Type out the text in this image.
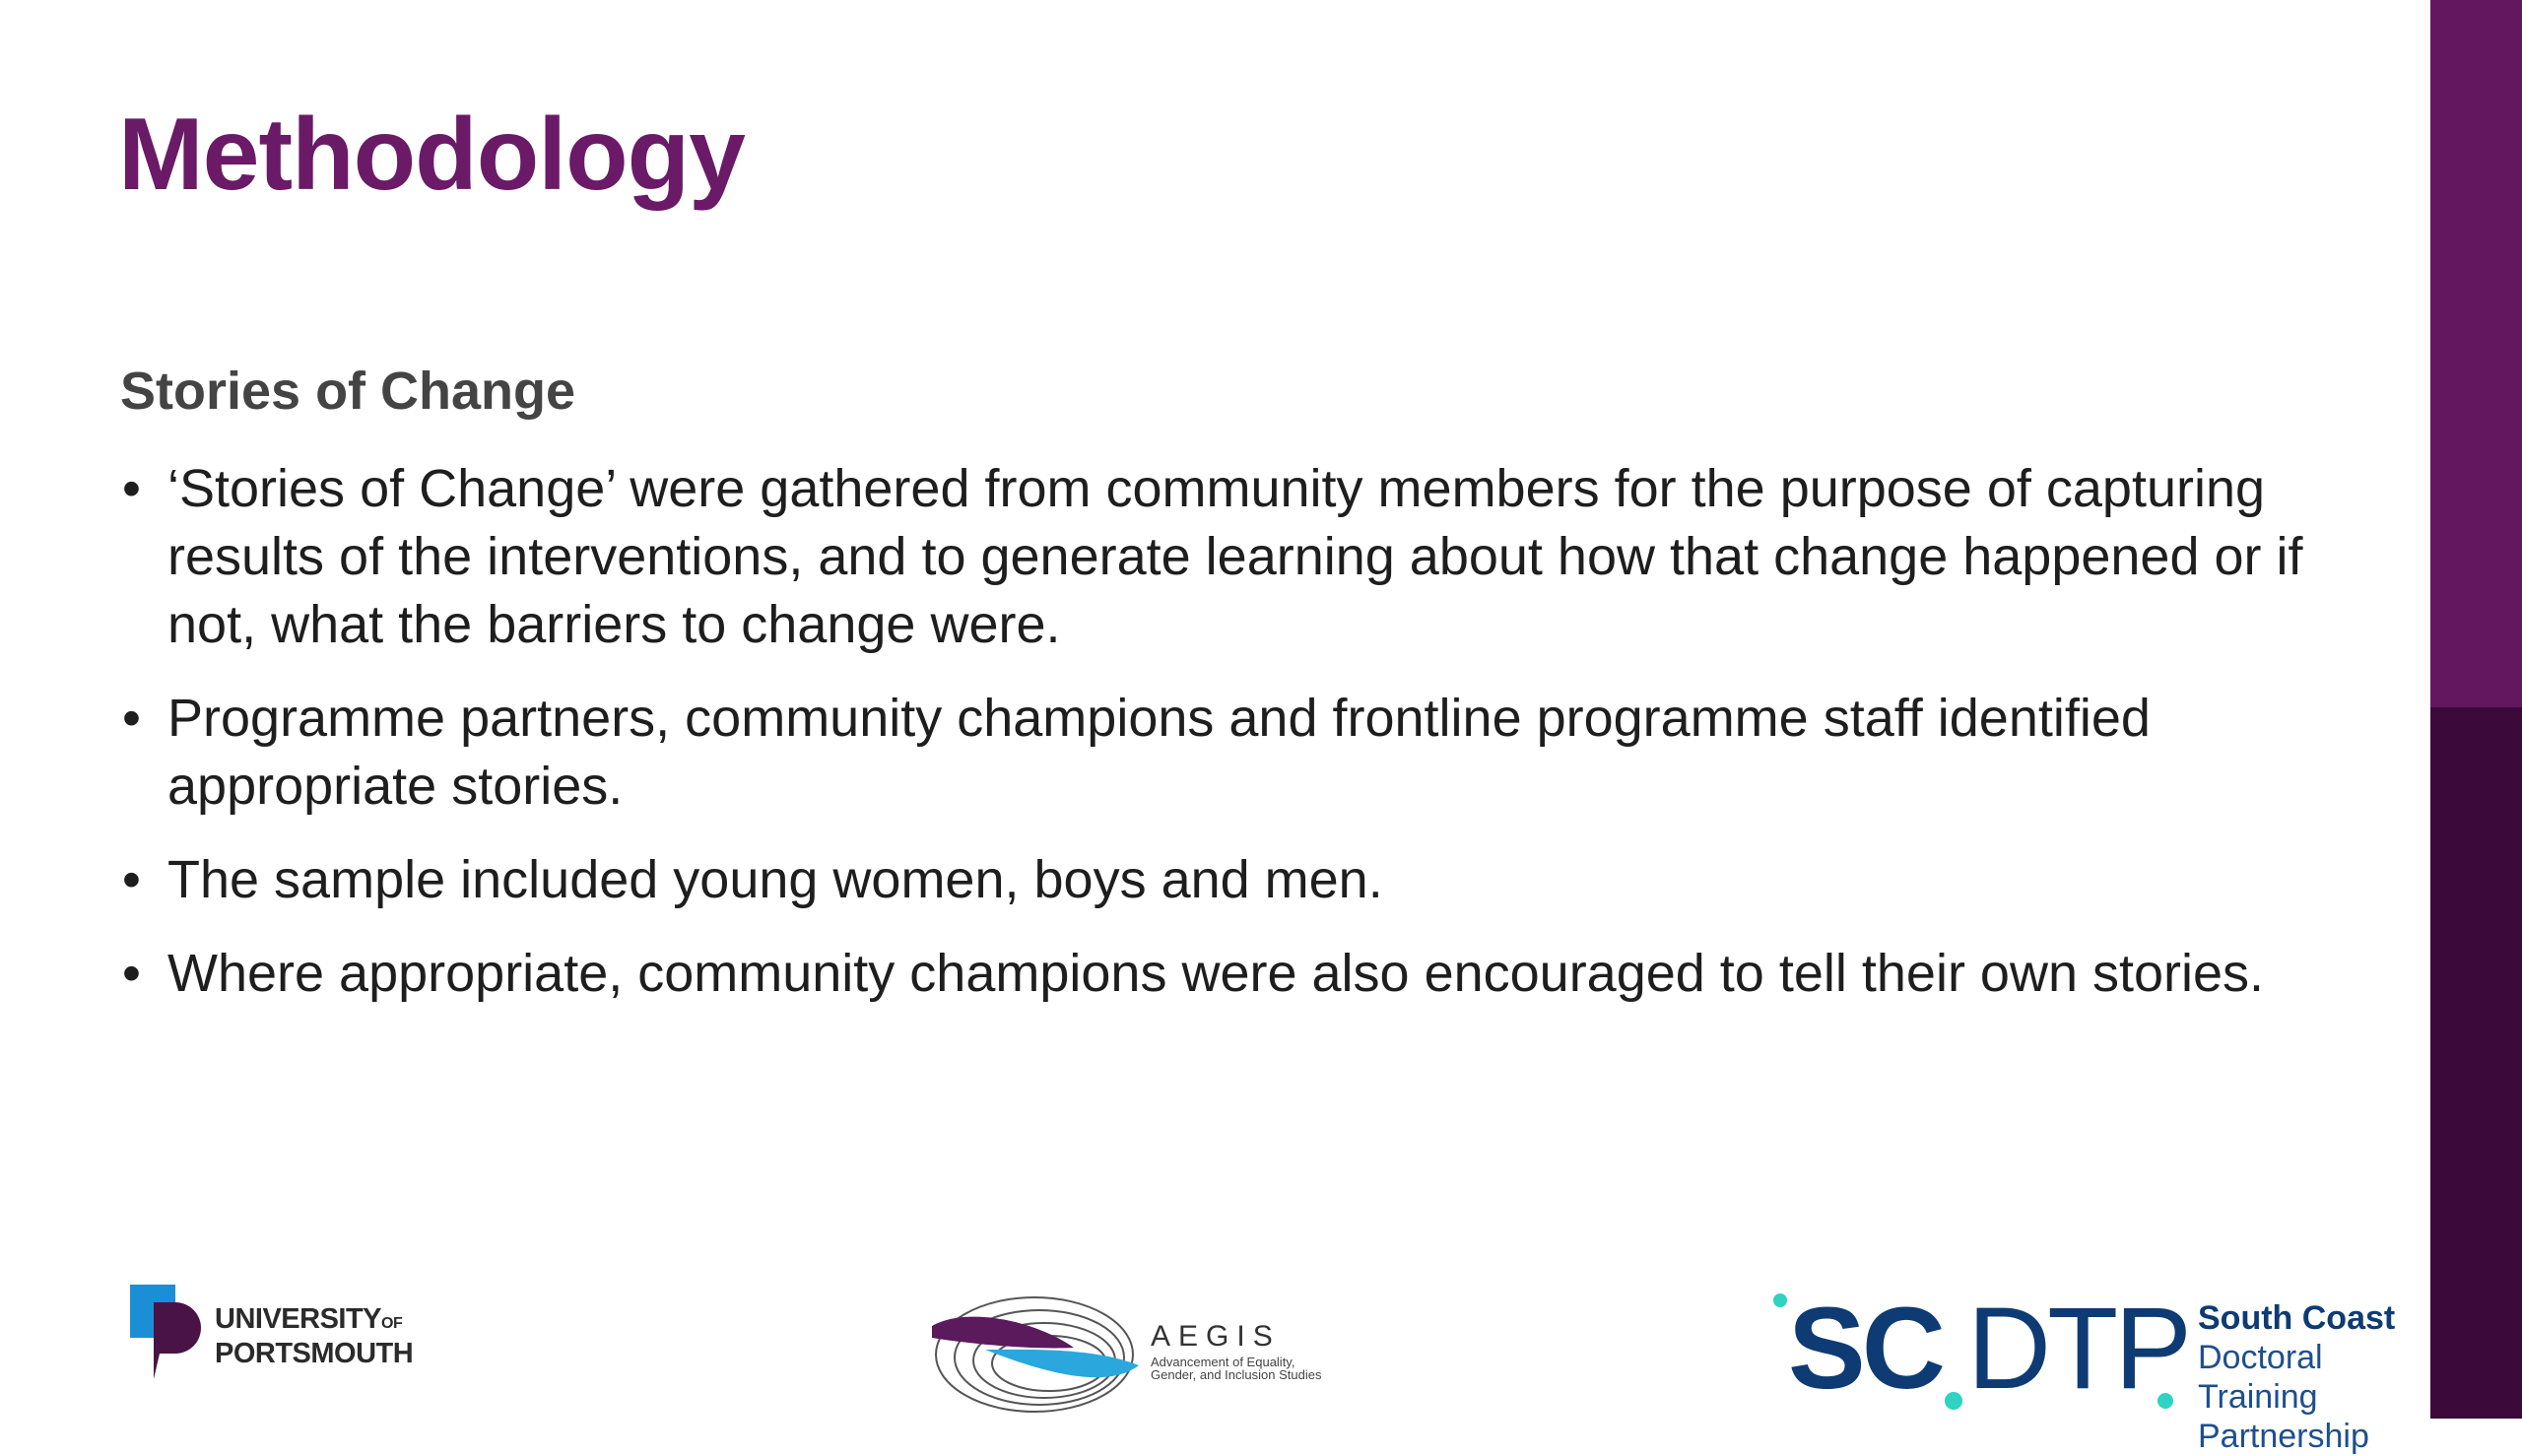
Methodology
Stories of Change
• ‘Stories of Change’ were gathered from community members for the purpose of capturing results of the interventions, and to generate learning about how that change happened or if not, what the barriers to change were.
• Programme partners, community champions and frontline programme staff identified appropriate stories.
• The sample included young women, boys and men.
• Where appropriate, community champions were also encouraged to tell their own stories.
UNIVERSITYOF
PORTSMOUTH
AEGIS
Advancement of Equality, Gender, and Inclusion Studies	SC DTP South Coast
Doctoral Training
Partnership
